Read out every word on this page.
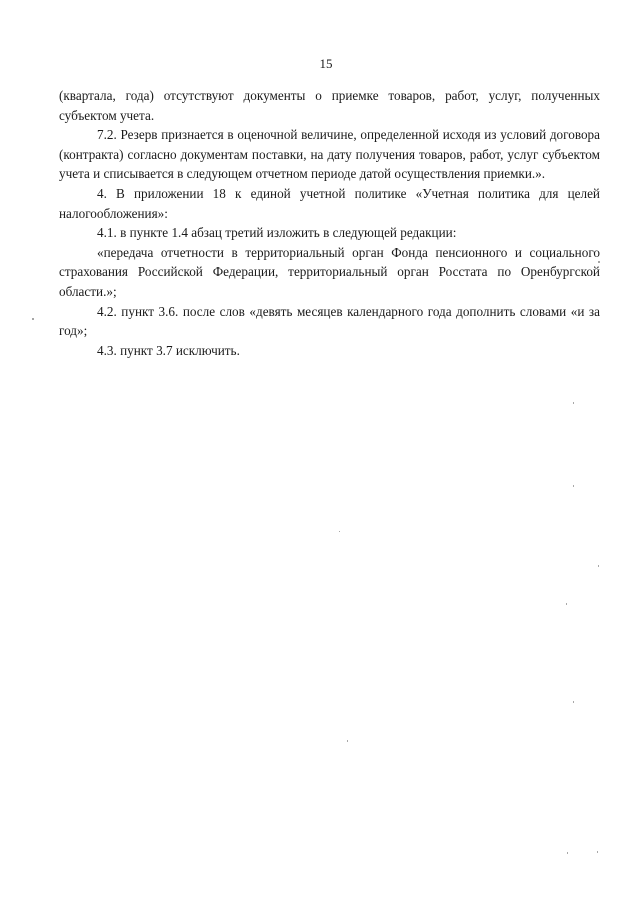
15

(квартала, года) отсутствуют документы о приемке товаров, работ, услуг, полученных субъектом учета.

7.2. Резерв признается в оценочной величине, определенной исходя из условий договора (контракта) согласно документам поставки, на дату получения товаров, работ, услуг субъектом учета и списывается в следующем отчетном периоде датой осуществления приемки.».

4. В приложении 18 к единой учетной политике «Учетная политика для целей налогообложения»:

4.1. в пункте 1.4 абзац третий изложить в следующей редакции:

«передача отчетности в территориальный орган Фонда пенсионного и социального страхования Российской Федерации, территориальный орган Росстата по Оренбургской области.»;

4.2. пункт 3.6. после слов «девять месяцев календарного года дополнить словами «и за год»;

4.3. пункт 3.7 исключить.
